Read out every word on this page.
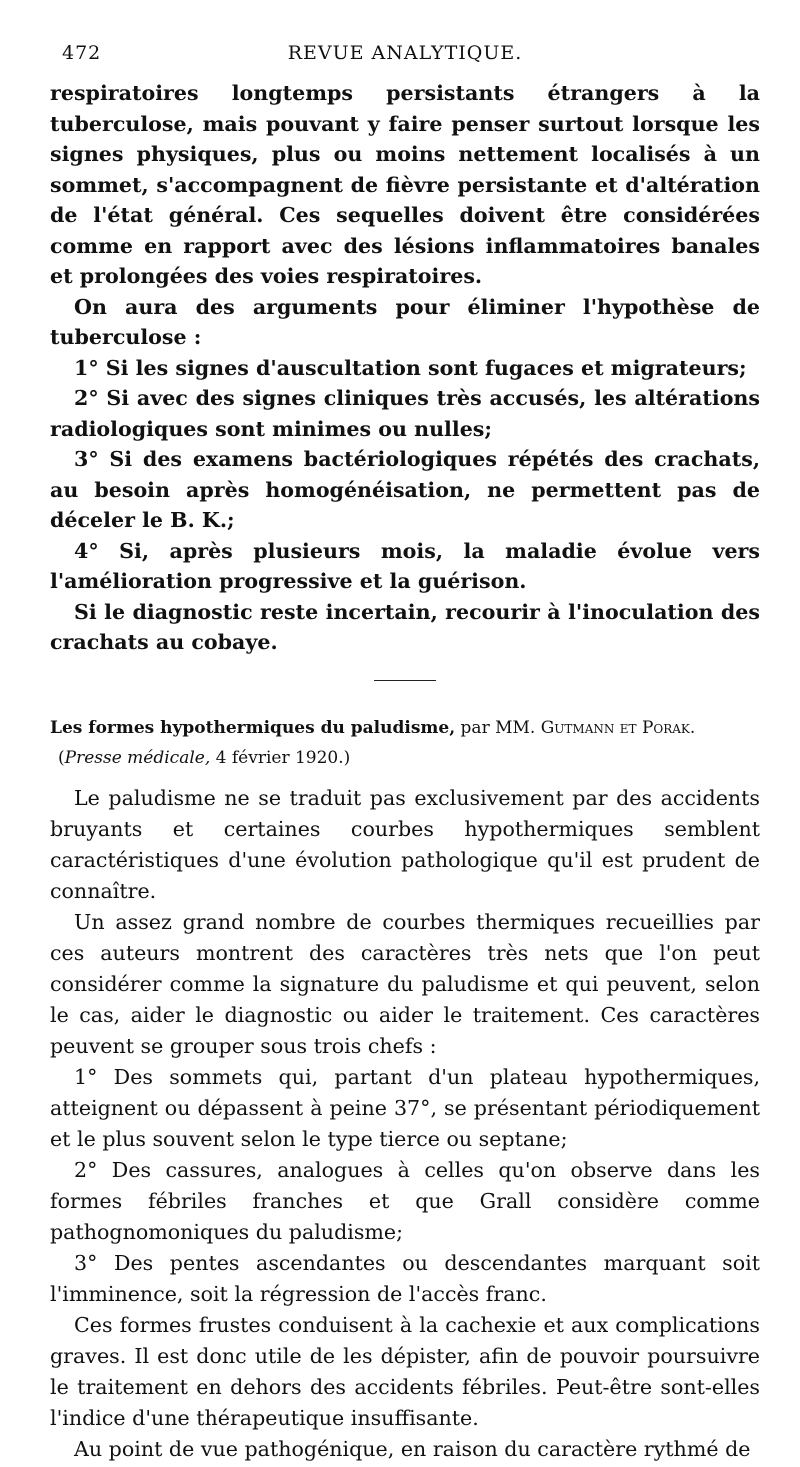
472	REVUE ANALYTIQUE.

respiratoires longtemps persistants étrangers à la tuberculose, mais pouvant y faire penser surtout lorsque les signes physiques, plus ou moins nettement localisés à un sommet, s'accompagnent de fièvre persistante et d'altération de l'état général. Ces sequelles doivent être considérées comme en rapport avec des lésions inflammatoires banales et prolongées des voies respiratoires.

On aura des arguments pour éliminer l'hypothèse de tuberculose :

1° Si les signes d'auscultation sont fugaces et migrateurs;

2° Si avec des signes cliniques très accusés, les altérations radiologiques sont minimes ou nulles;

3° Si des examens bactériologiques répétés des crachats, au besoin après homogénéisation, ne permettent pas de déceler le B. K.;

4° Si, après plusieurs mois, la maladie évolue vers l'amélioration progressive et la guérison.

Si le diagnostic reste incertain, recourir à l'inoculation des crachats au cobaye.

Les formes hypothermiques du paludisme, par MM. Gutmann et Porak.
(Presse médicale, 4 février 1920.)

Le paludisme ne se traduit pas exclusivement par des accidents bruyants et certaines courbes hypothermiques semblent caractéristiques d'une évolution pathologique qu'il est prudent de connaître.

Un assez grand nombre de courbes thermiques recueillies par ces auteurs montrent des caractères très nets que l'on peut considérer comme la signature du paludisme et qui peuvent, selon le cas, aider le diagnostic ou aider le traitement. Ces caractères peuvent se grouper sous trois chefs :

1° Des sommets qui, partant d'un plateau hypothermiques, atteignent ou dépassent à peine 37°, se présentant périodiquement et le plus souvent selon le type tierce ou septane;

2° Des cassures, analogues à celles qu'on observe dans les formes fébriles franches et que Grall considère comme pathognomoniques du paludisme;

3° Des pentes ascendantes ou descendantes marquant soit l'imminence, soit la régression de l'accès franc.

Ces formes frustes conduisent à la cachexie et aux complications graves. Il est donc utile de les dépister, afin de pouvoir poursuivre le traitement en dehors des accidents fébriles. Peut-être sont-elles l'indice d'une thérapeutique insuffisante.

Au point de vue pathogénique, en raison du caractère rythmé de
